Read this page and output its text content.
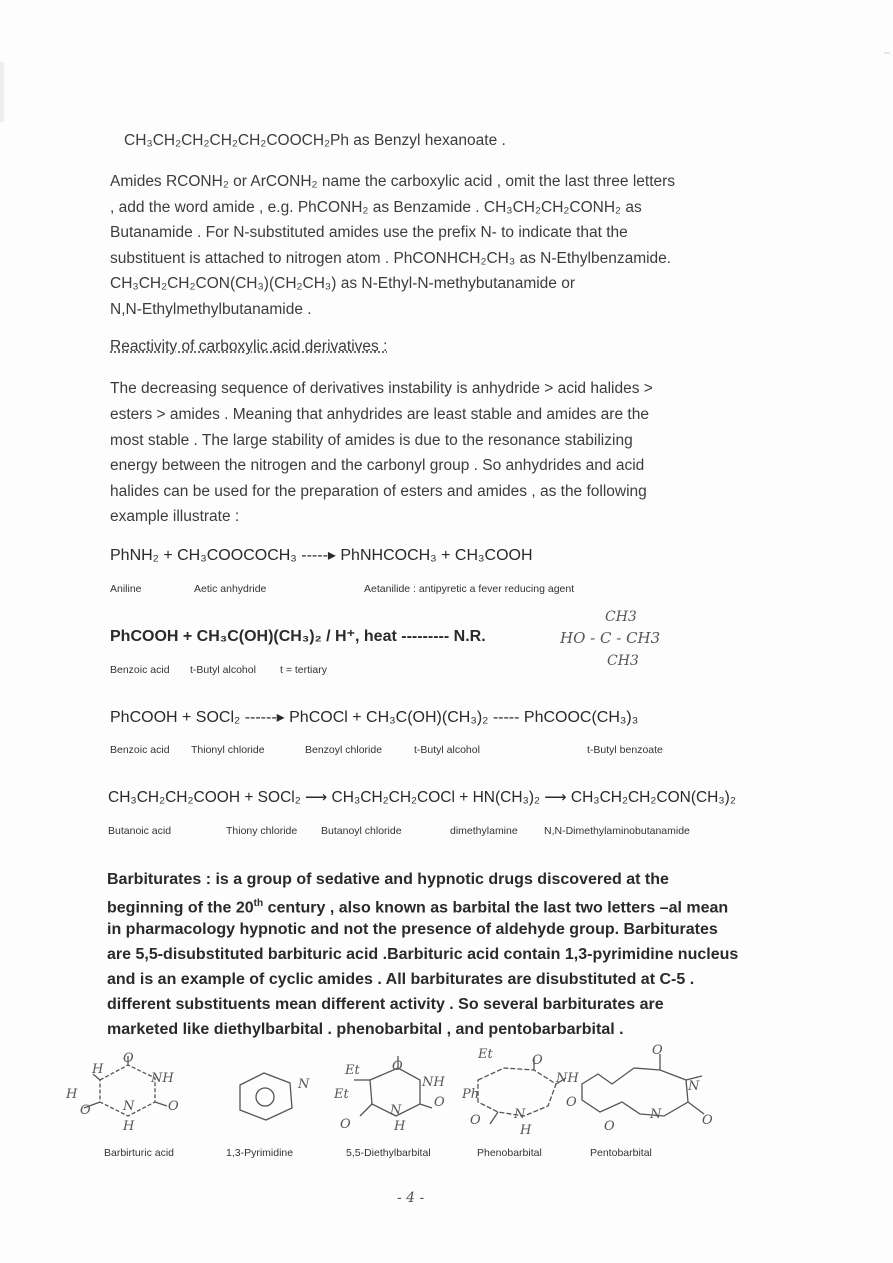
CH₃CH₂CH₂CH₂CH₂COOCH₂Ph as Benzyl hexanoate .
Amides RCONH₂ or ArCONH₂ name the carboxylic acid , omit the last three letters
, add the word amide , e.g. PhCONH₂ as Benzamide . CH₃CH₂CH₂CONH₂ as
Butanamide . For N-substituted amides use the prefix N- to indicate that the
substituent is attached to nitrogen atom . PhCONHCH₂CH₃ as N-Ethylbenzamide.
CH₃CH₂CH₂CON(CH₃)(CH₂CH₃) as N-Ethyl-N-methybutanamide or
N,N-Ethylmethylbutanamide .
Reactivity of carboxylic acid derivatives :
The decreasing sequence of derivatives instability is anhydride > acid halides >
esters > amides . Meaning that anhydrides are least stable and amides are the
most stable . The large stability of amides is due to the resonance stabilizing
energy between the nitrogen and the carbonyl group . So anhydrides and acid
halides can be used for the preparation of esters and amides , as the following
example illustrate :
PhNH₂ + CH₃COOCOCH₃ -----▸ PhNHCOCH₃ + CH₃COOH
Aniline	Aetic anhydride	Aetanilide : antipyretic a fever reducing agent
PhCOOH + CH₃C(OH)(CH₃)₂ / H⁺, heat --------- N.R.
Benzoic acid t-Butyl alcohol t = tertiary
CH3
HO - C - CH3
CH3
PhCOOH + SOCl₂ ------▸ PhCOCl + CH₃C(OH)(CH₃)₂ ----- PhCOOC(CH₃)₃
Benzoic acid Thionyl chloride	Benzoyl chloride	t-Butyl alcohol	t-Butyl benzoate
CH₃CH₂CH₂COOH + SOCl₂ ⟶ CH₃CH₂CH₂COCl + HN(CH₃)₂ ⟶ CH₃CH₂CH₂CON(CH₃)₂
Butanoic acid	Thiony chloride Butanoyl chloride	dimethylamine	N,N-Dimethylaminobutanamide
Barbiturates : is a group of sedative and hypnotic drugs discovered at the
beginning of the 20th century , also known as barbital the last two letters –al mean
in pharmacology hypnotic and not the presence of aldehyde group. Barbiturates
are 5,5-disubstituted barbituric acid .Barbituric acid contain 1,3-pyrimidine nucleus
and is an example of cyclic amides . All barbiturates are disubstituted at C-5 .
different substituents mean different activity . So several barbiturates are
marketed like diethylbarbital . phenobarbital , and pentobarbarbital .
H
O
NH
H
O	O
N
H
N
Et O
Et
NH
O
O
N
H
Et	O
Ph
NH
O
O	N
H
O
N
O
N
O
Barbirturic acid	1,3-Pyrimidine	5,5-Diethylbarbital	Phenobarbital	Pentobarbital
- 4 -
